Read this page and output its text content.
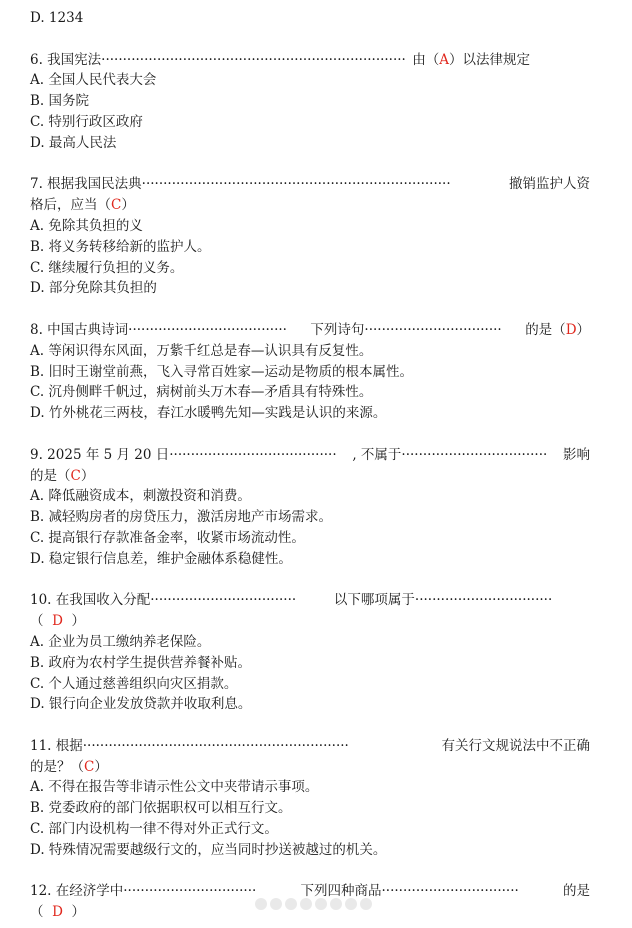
D. 1234
6. 我国宪法 ······································································· 由（ A ）以法律规定
A. 全国人民代表大会
B. 国务院
C. 特别行政区政府
D. 最高人民法
7. 根据我国民法典 ········································································	撤销监护人资
格后，应当（C）
A. 免除其负担的义
B. 将义务转移给新的监护人。
C. 继续履行负担的义务。
D. 部分免除其负担的
8. 中国古典诗词 ·····································	下列诗句 ································	的是（ D ）
A. 等闲识得东风面，万紫千红总是春—认识具有反复性。
B. 旧时王谢堂前燕，飞入寻常百姓家—运动是物质的根本属性。
C. 沉舟侧畔千帆过，病树前头万木春—矛盾具有特殊性。
D. 竹外桃花三两枝，春江水暖鸭先知—实践是认识的来源。
9. 2025 年 5 月 20 日 ·······································	, 不属于 ··································	影响
的是（C）
A. 降低融资成本，刺激投资和消费。
B. 减轻购房者的房贷压力，激活房地产市场需求。
C. 提高银行存款准备金率，收紧市场流动性。
D. 稳定银行信息差，维护金融体系稳健性。
10. 在我国收入分配 ··································	以下哪项属于 ································
（ D ）
A. 企业为员工缴纳养老保险。
B. 政府为农村学生提供营养餐补贴。
C. 个人通过慈善组织向灾区捐款。
D. 银行向企业发放贷款并收取利息。
11. 根据 ······························································	有关行文规说法中不正确
的是？（C）
A. 不得在报告等非请示性公文中夹带请示事项。
B. 党委政府的部门依据职权可以相互行文。
C. 部门内设机构一律不得对外正式行文。
D. 特殊情况需要越级行文的，应当同时抄送被越过的机关。
12. 在经济学中 ·······························	下列四种商品 ································	的是
（ D ）
